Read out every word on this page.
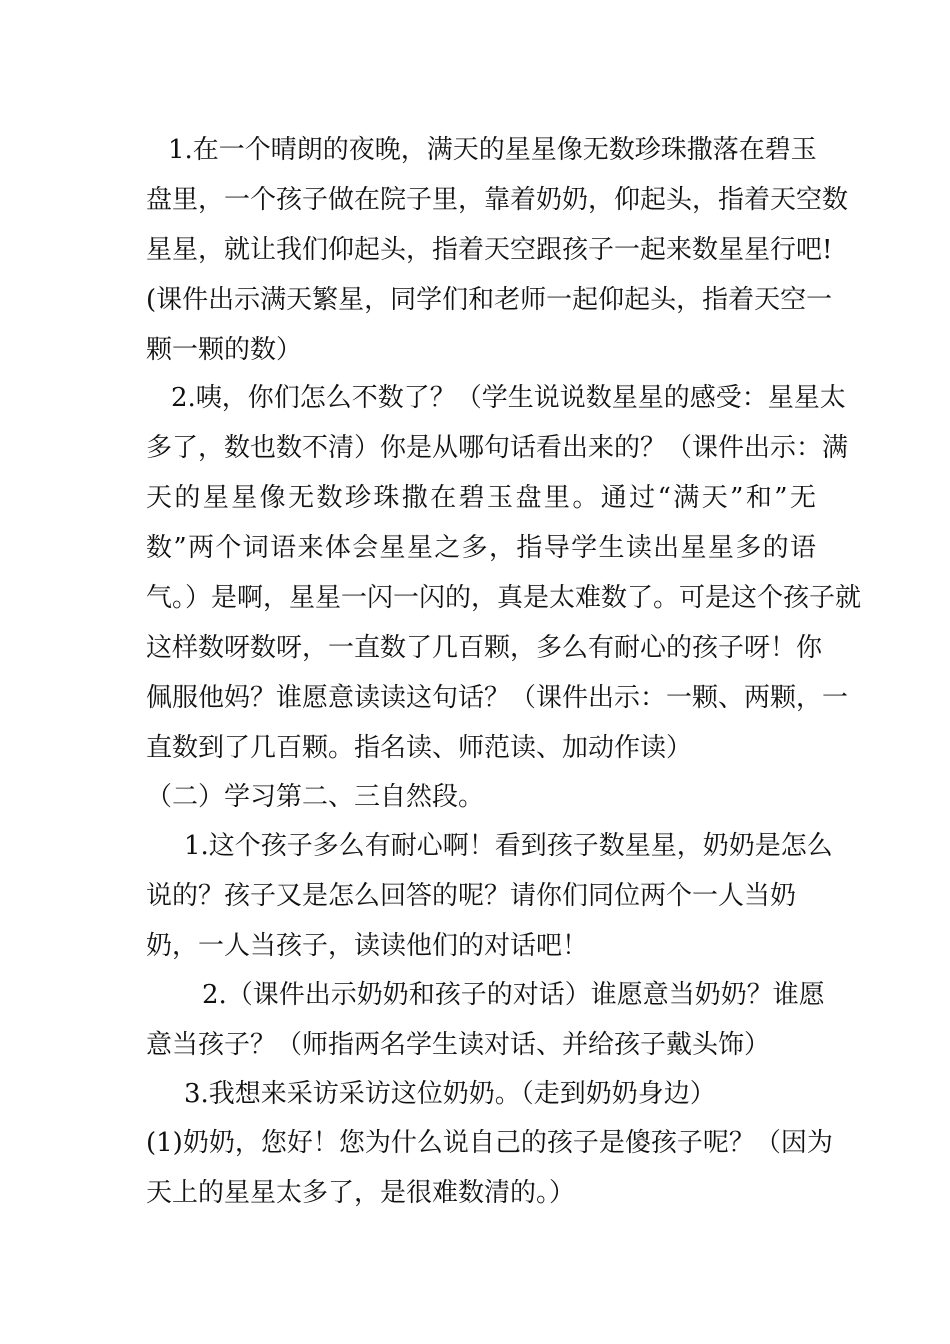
1.在一个晴朗的夜晚，满天的星星像无数珍珠撒落在碧玉
盘里，一个孩子做在院子里，靠着奶奶，仰起头，指着天空数
星星，就让我们仰起头，指着天空跟孩子一起来数星星行吧!
(课件出示满天繁星，同学们和老师一起仰起头，指着天空一
颗一颗的数）
2.咦，你们怎么不数了？（学生说说数星星的感受：星星太
多了，数也数不清）你是从哪句话看出来的？（课件出示：满
天的星星像无数珍珠撒在碧玉盘里。通过“满天”和”无
数”两个词语来体会星星之多，指导学生读出星星多的语
气。）是啊，星星一闪一闪的，真是太难数了。可是这个孩子就
这样数呀数呀，一直数了几百颗，多么有耐心的孩子呀！你
佩服他妈？谁愿意读读这句话？（课件出示：一颗、两颗，一
直数到了几百颗。指名读、师范读、加动作读）
（二）学习第二、三自然段。
1.这个孩子多么有耐心啊！看到孩子数星星，奶奶是怎么
说的？孩子又是怎么回答的呢？请你们同位两个一人当奶
奶，一人当孩子，读读他们的对话吧！
2.（课件出示奶奶和孩子的对话）谁愿意当奶奶？谁愿
意当孩子？（师指两名学生读对话、并给孩子戴头饰）
3.我想来采访采访这位奶奶。（走到奶奶身边）
(1)奶奶，您好！您为什么说自己的孩子是傻孩子呢？（因为
天上的星星太多了，是很难数清的。）
